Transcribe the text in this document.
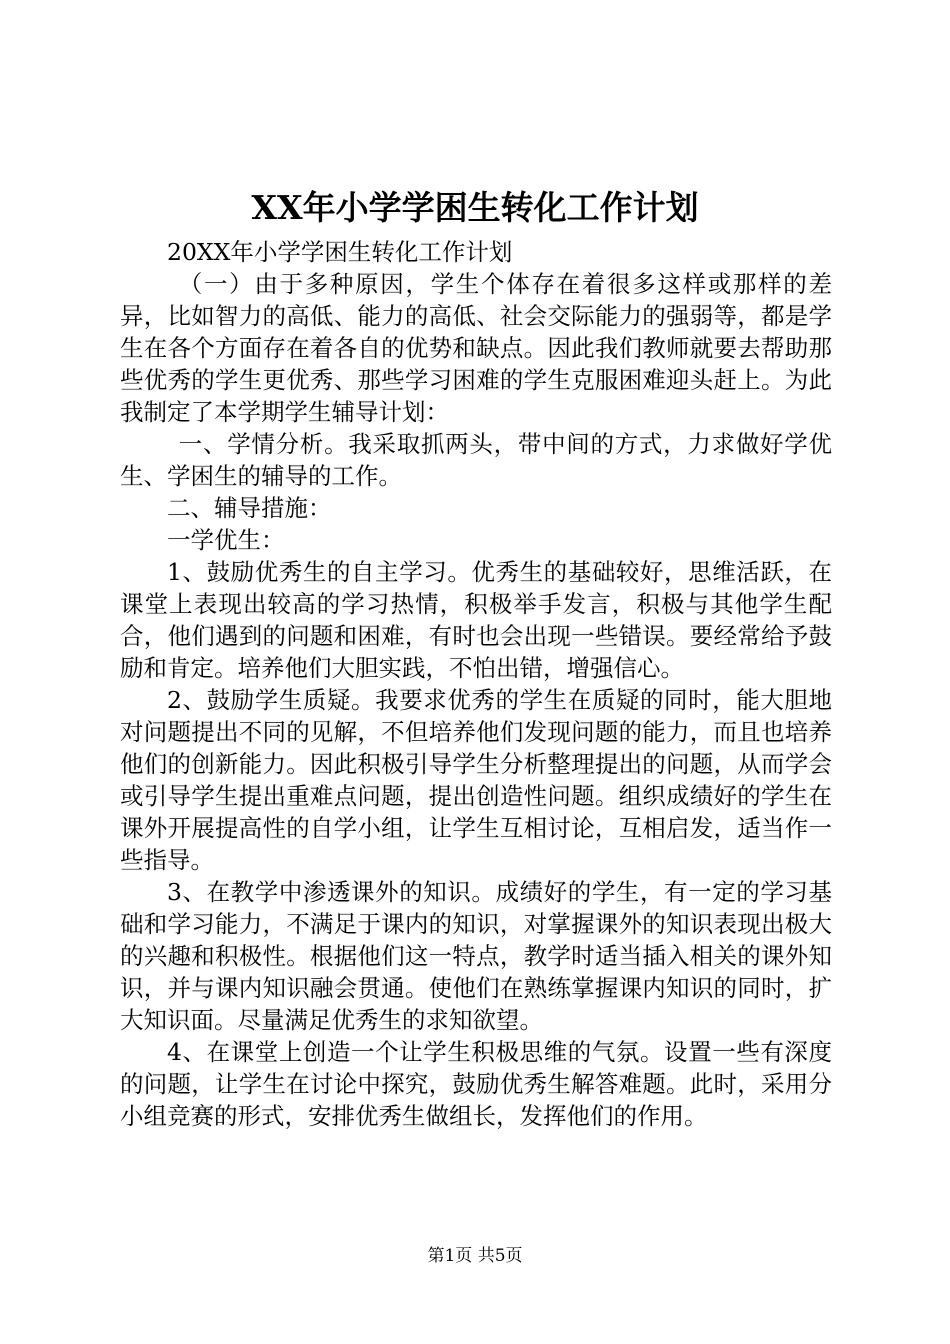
XX年小学学困生转化工作计划

20XX年小学学困生转化工作计划

（一）由于多种原因，学生个体存在着很多这样或那样的差异，比如智力的高低、能力的高低、社会交际能力的强弱等，都是学生在各个方面存在着各自的优势和缺点。因此我们教师就要去帮助那些优秀的学生更优秀、那些学习困难的学生克服困难迎头赶上。为此我制定了本学期学生辅导计划：

一、学情分析。我采取抓两头，带中间的方式，力求做好学优生、学困生的辅导的工作。

二、辅导措施：

一学优生：

1、鼓励优秀生的自主学习。优秀生的基础较好，思维活跃，在课堂上表现出较高的学习热情，积极举手发言，积极与其他学生配合，他们遇到的问题和困难，有时也会出现一些错误。要经常给予鼓励和肯定。培养他们大胆实践，不怕出错，增强信心。

2、鼓励学生质疑。我要求优秀的学生在质疑的同时，能大胆地对问题提出不同的见解，不但培养他们发现问题的能力，而且也培养他们的创新能力。因此积极引导学生分析整理提出的问题，从而学会或引导学生提出重难点问题，提出创造性问题。组织成绩好的学生在课外开展提高性的自学小组，让学生互相讨论，互相启发，适当作一些指导。

3、在教学中渗透课外的知识。成绩好的学生，有一定的学习基础和学习能力，不满足于课内的知识，对掌握课外的知识表现出极大的兴趣和积极性。根据他们这一特点，教学时适当插入相关的课外知识，并与课内知识融会贯通。使他们在熟练掌握课内知识的同时，扩大知识面。尽量满足优秀生的求知欲望。

4、在课堂上创造一个让学生积极思维的气氛。设置一些有深度的问题，让学生在讨论中探究，鼓励优秀生解答难题。此时，采用分小组竞赛的形式，安排优秀生做组长，发挥他们的作用。

第1页 共5页
